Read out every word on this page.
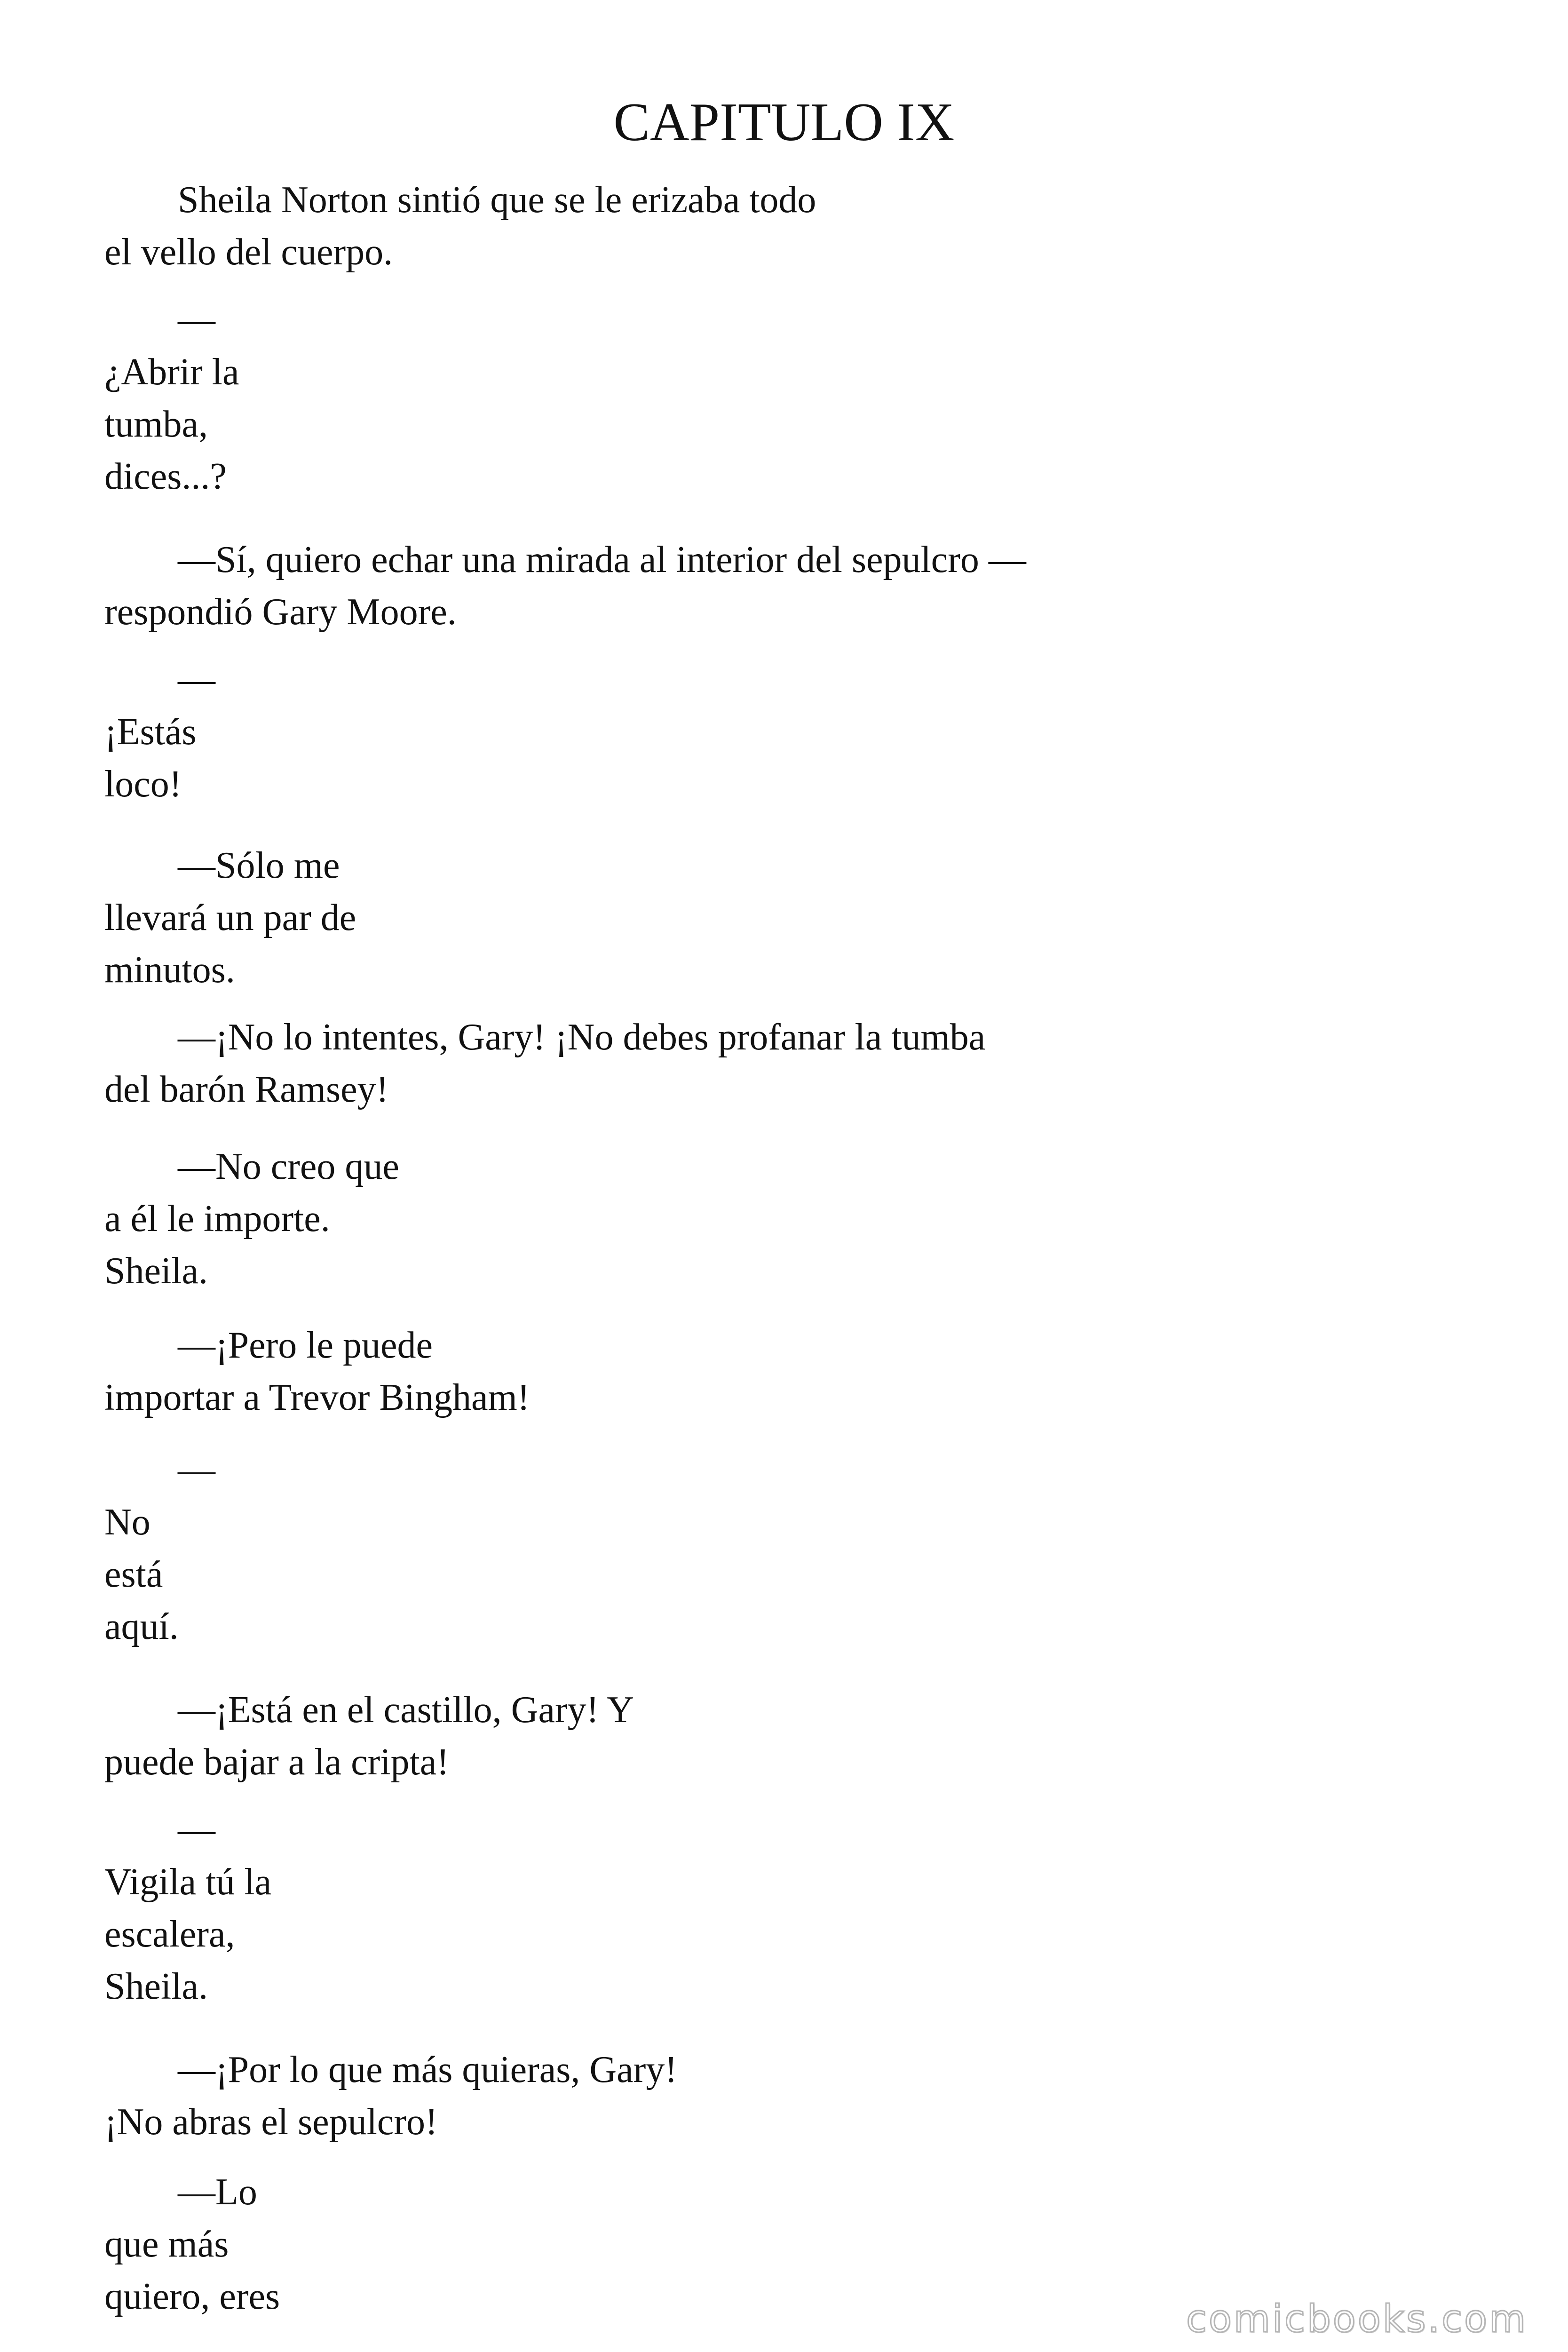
CAPITULO IX

Sheila Norton sintió que se le erizaba todo
el vello del cuerpo.

—
¿Abrir la
tumba,
dices...?

—Sí, quiero echar una mirada al interior del sepulcro —
respondió Gary Moore.

—
¡Estás
loco!

—Sólo me
llevará un par de
minutos.

—¡No lo intentes, Gary! ¡No debes profanar la tumba
del barón Ramsey!

—No creo que
a él le importe.
Sheila.

—¡Pero le puede
importar a Trevor Bingham!

—
No
está
aquí.

—¡Está en el castillo, Gary! Y
puede bajar a la cripta!

—
Vigila tú la
escalera,
Sheila.

—¡Por lo que más quieras, Gary!
¡No abras el sepulcro!

—Lo
que más
quiero, eres

comicbooks.com
